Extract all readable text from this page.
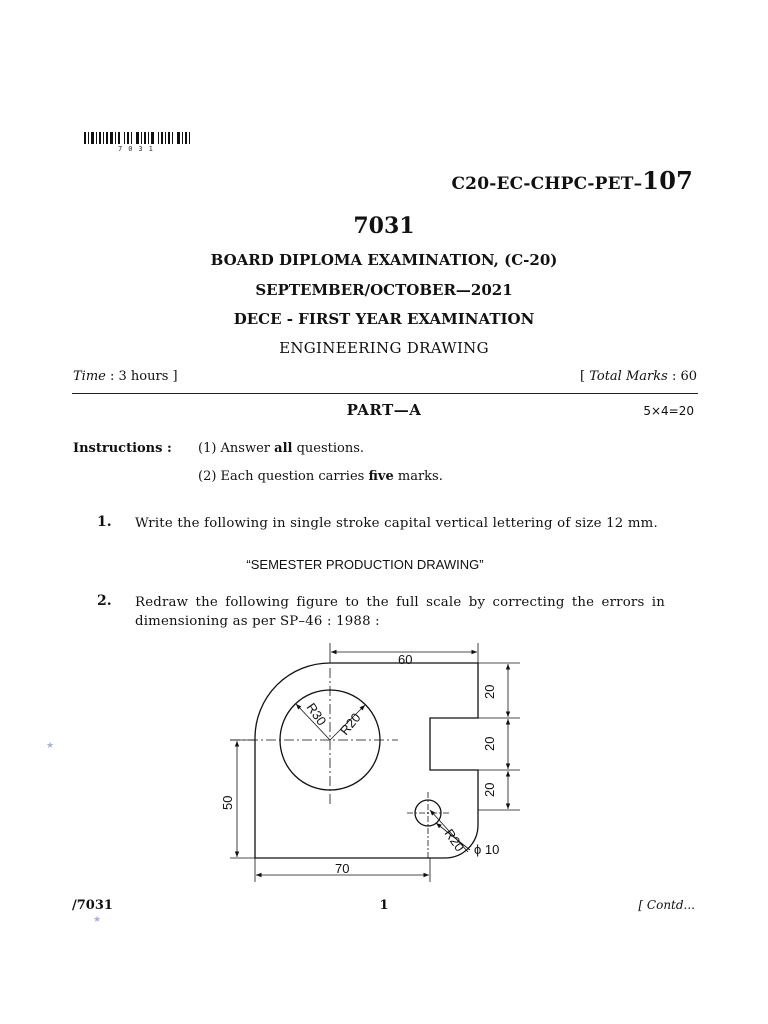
7031
C20-EC-CHPC-PET–107
7031
BOARD DIPLOMA EXAMINATION, (C-20)
SEPTEMBER/OCTOBER—2021
DECE - FIRST YEAR EXAMINATION
ENGINEERING DRAWING
Time : 3 hours ]	[ Total Marks : 60
PART—A	5×4=20
Instructions : (1) Answer all questions.
(2) Each question carries five marks.
1. Write the following in single stroke capital vertical lettering of size 12 mm.
“SEMESTER PRODUCTION DRAWING”
2. Redraw the following figure to the full scale by correcting the errors in dimensioning as per SP–46 : 1988 :
60
20
20
20
50
70
R30 R20
R20 ϕ 10
/7031	1	[ Contd...
★
★
